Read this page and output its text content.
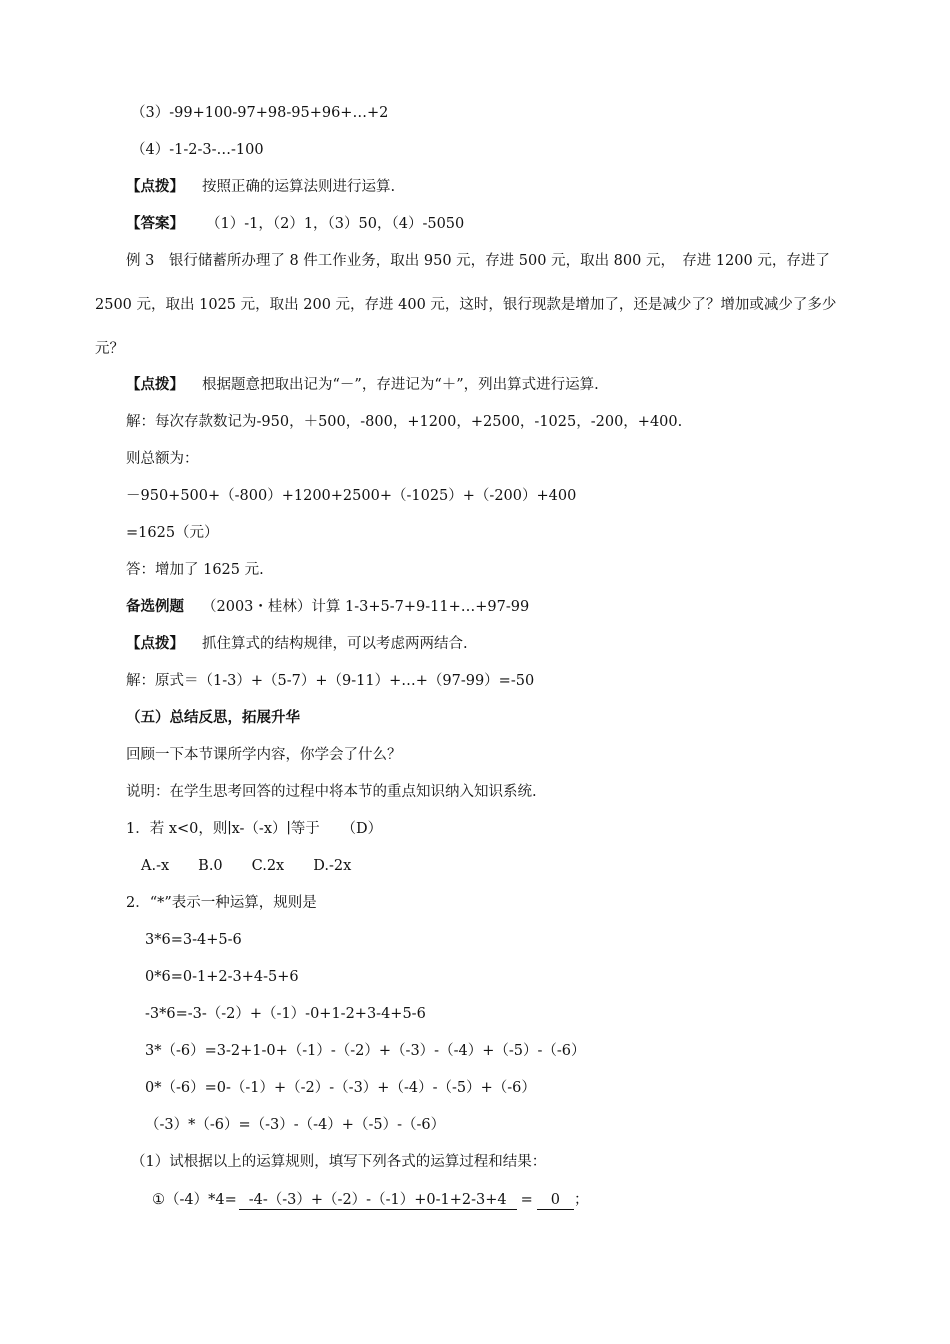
（3）-99+100-97+98-95+96+…+2
（4）-1-2-3-…-100
【点拨】 按照正确的运算法则进行运算.
【答案】 （1）-1，（2）1，（3）50，（4）-5050
例 3　银行储蓄所办理了 8 件工作业务，取出 950 元，存进 500 元，取出 800 元，　存进 1200 元，存进了 2500 元，取出 1025 元，取出 200 元，存进 400 元，这时，银行现款是增加了，还是减少了？增加或减少了多少元？
【点拨】 根据题意把取出记为“－”，存进记为“＋”，列出算式进行运算.
解：每次存款数记为-950，＋500，-800，+1200，+2500，-1025，-200，+400.
则总额为：
－950+500+（-800）+1200+2500+（-1025）+（-200）+400
=1625（元）
答：增加了 1625 元.
备选例题 （2003・桂林）计算 1-3+5-7+9-11+…+97-99
【点拨】 抓住算式的结构规律，可以考虑两两结合.
解：原式＝（1-3）+（5-7）+（9-11）+…+（97-99）=-50
（五）总结反思，拓展升华
回顾一下本节课所学内容，你学会了什么？
说明：在学生思考回答的过程中将本节的重点知识纳入知识系统.
1．若 x<0，则∣x-（-x）∣等于　　（D）
A.-x　　B.0　　C.2x　　D.-2x
2．“*”表示一种运算，规则是
3*6=3-4+5-6
0*6=0-1+2-3+4-5+6
-3*6=-3-（-2）+（-1）-0+1-2+3-4+5-6
3*（-6）=3-2+1-0+（-1）-（-2）+（-3）-（-4）+（-5）-（-6）
0*（-6）=0-（-1）+（-2）-（-3）+（-4）-（-5）+（-6）
（-3）*（-6）=（-3）-（-4）+（-5）-（-6）
（1）试根据以上的运算规则，填写下列各式的运算过程和结果：
①（-4）*4= -4-（-3）+（-2）-（-1）+0-1+2-3+4 = 0 ；
